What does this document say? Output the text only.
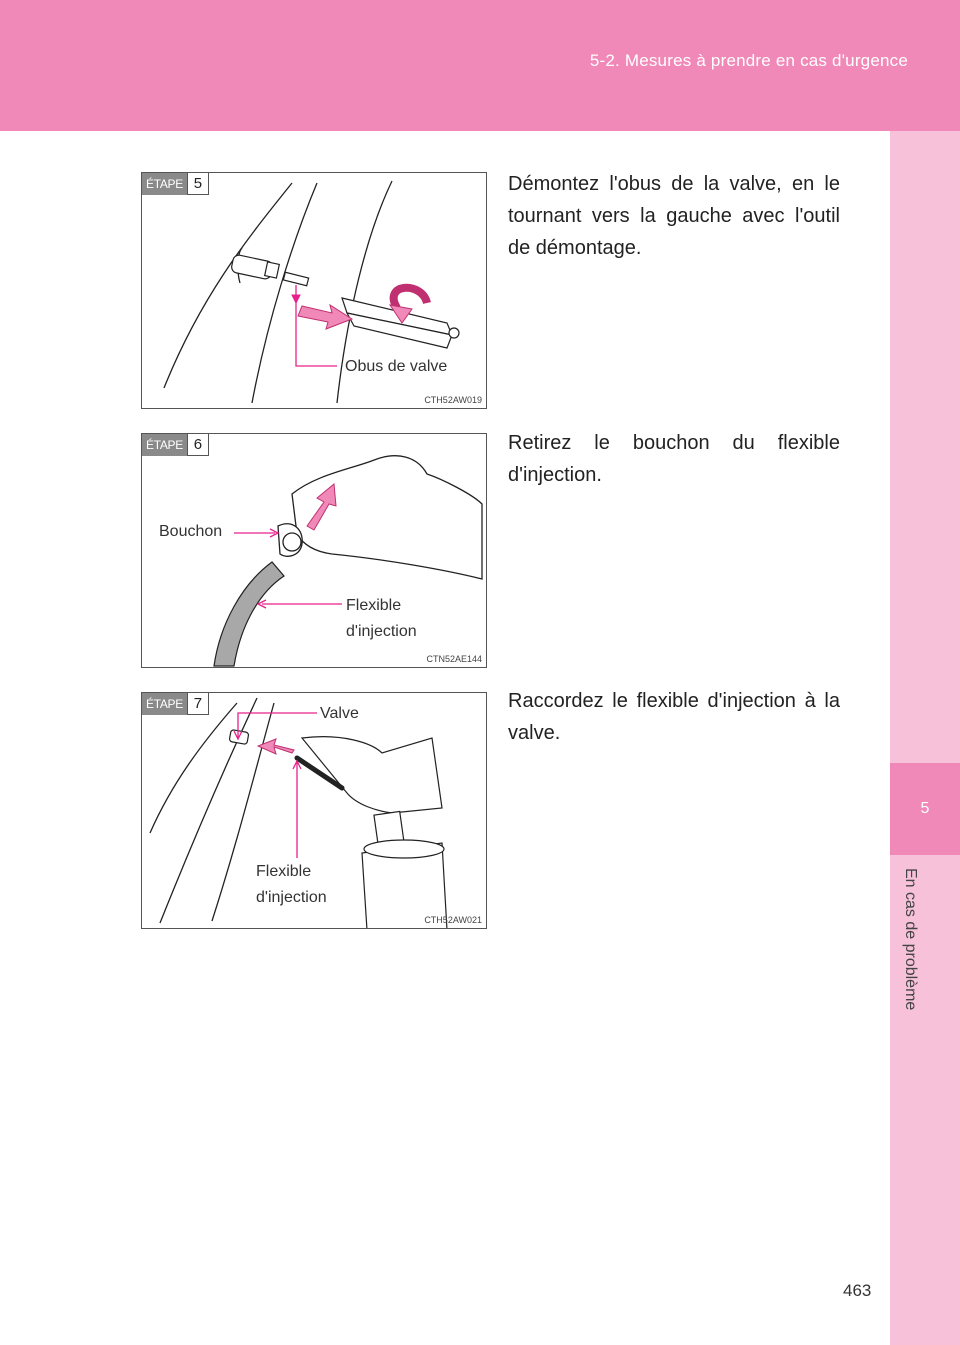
5-2. Mesures à prendre en cas d'urgence
5
En cas de problème
ÉTAPE 5
Obus de valve
CTH52AW019
Démontez l'obus de la valve, en le tournant vers la gauche avec l'outil de démontage.
ÉTAPE 6
Bouchon
Flexible
d'injection
CTN52AE144
Retirez le bouchon du flexible d'injection.
ÉTAPE 7
Valve
Flexible
d'injection
CTH52AW021
Raccordez le flexible d'injection à la valve.
463
